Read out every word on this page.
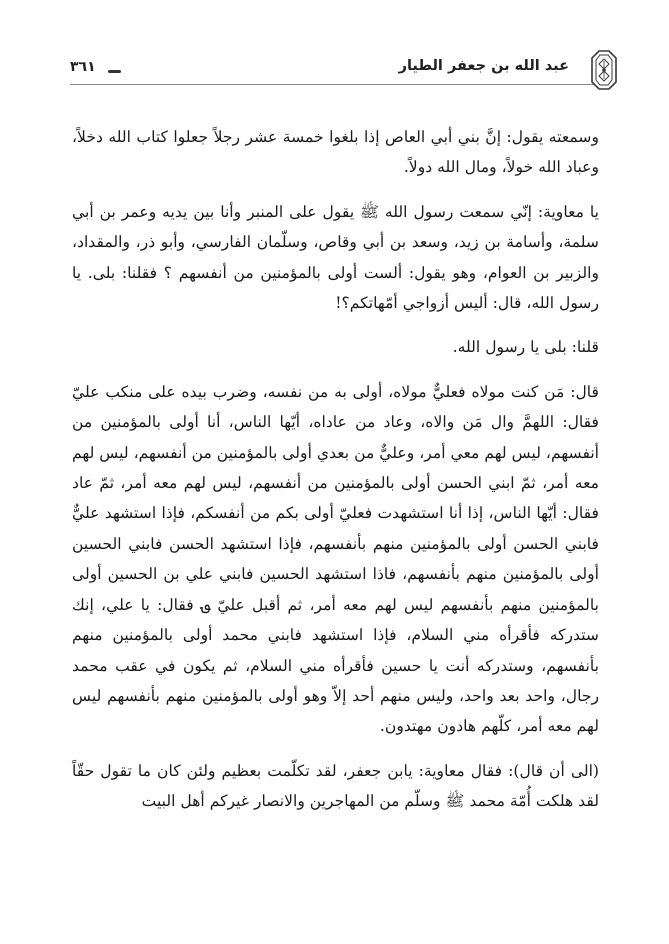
عبد الله بن جعفر الطيار
٣٦١

وسمعته يقول: إنَّ بني أبي العاص إذا بلغوا خمسة عشر رجلاً جعلوا كتاب الله دخلاً، وعباد الله خولاً، ومال الله دولاً.

يا معاوية: إنّي سمعت رسول الله ﷺ يقول على المنبر وأنا بين يديه وعمر بن أبي سلمة، وأسامة بن زيد، وسعد بن أبي وقاص، وسلّمان الفارسي، وأبو ذر، والمقداد، والزبير بن العوام، وهو يقول: ألست أولى بالمؤمنين من أنفسهم ؟ فقلنا: بلى. يا رسول الله، قال: أليس أزواجي أمّهاتكم؟!

قلنا: بلى يا رسول الله.

قال: مَن كنت مولاه فعليٌّ مولاه، أولى به من نفسه، وضرب بيده على منكب عليّ فقال: اللهمَّ وال مَن والاه، وعاد من عاداه، أيّها الناس، أنا أولى بالمؤمنين من أنفسهم، ليس لهم معي أمر، وعليٌّ من بعدي أولى بالمؤمنين من أنفسهم، ليس لهم معه أمر، ثمّ ابني الحسن أولى بالمؤمنين من أنفسهم، ليس لهم معه أمر، ثمّ عاد فقال: أيّها الناس، إذا أنا استشهدت فعليّ أولى بكم من أنفسكم، فإذا استشهد عليٌّ فابني الحسن أولى بالمؤمنين منهم بأنفسهم، فإذا استشهد الحسن فابني الحسين أولى بالمؤمنين منهم بأنفسهم، فاذا استشهد الحسين فابني علي بن الحسين أولى بالمؤمنين منهم بأنفسهم ليس لهم معه أمر، ثم أقبل عليّ ؈ فقال: يا علي، إنك ستدركه فأقرأه مني السلام، فإذا استشهد فابني محمد أولى بالمؤمنين منهم بأنفسهم، وستدركه أنت يا حسين فأقرأه مني السلام، ثم يكون في عقب محمد رجال، واحد بعد واحد، وليس منهم أحد إلاّ وهو أولى بالمؤمنين منهم بأنفسهم ليس لهم معه أمر، كلّهم هادون مهتدون.

(الى أن قال): فقال معاوية: يابن جعفر، لقد تكلّمت بعظيم ولئن كان ما تقول حقّاً لقد هلكت أُمّة محمد ﷺ وسلّم من المهاجرين والانصار غيركم أهل البيت
